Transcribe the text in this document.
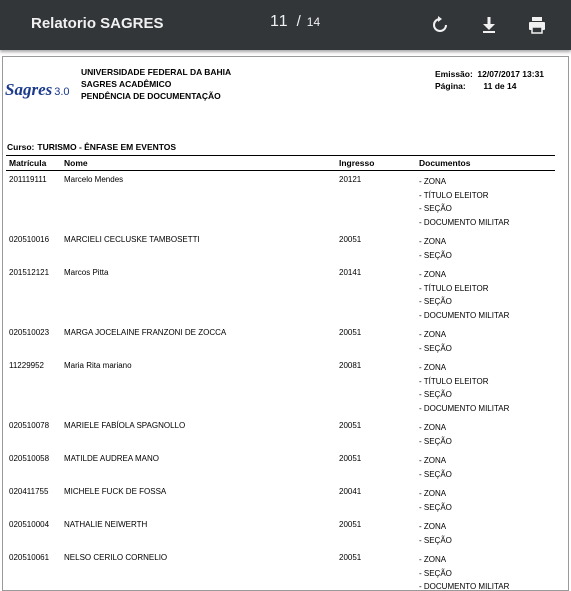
Relatorio SAGRES	11 / 14
Sagres 3.0
UNIVERSIDADE FEDERAL DA BAHIA
SAGRES ACADÊMICO
PENDÊNCIA DE DOCUMENTAÇÃO
Emissão: 12/07/2017 13:31
Página: 11 de 14
Curso: TURISMO - ÊNFASE EM EVENTOS
Matrícula Nome	Ingresso	Documentos
201119111 Marcelo Mendes	20121	- ZONA
- TÍTULO ELEITOR
- SEÇÃO
- DOCUMENTO MILITAR
020510016 MARCIELI CECLUSKE TAMBOSETTI	20051	- ZONA
- SEÇÃO
201512121 Marcos Pitta	20141	- ZONA
- TÍTULO ELEITOR
- SEÇÃO
- DOCUMENTO MILITAR
020510023 MARGA JOCELAINE FRANZONI DE ZOCCA	20051	- ZONA
- SEÇÃO
11229952	Maria Rita mariano	20081	- ZONA
- TÍTULO ELEITOR
- SEÇÃO
- DOCUMENTO MILITAR
020510078 MARIELE FABÍOLA SPAGNOLLO	20051	- ZONA
- SEÇÃO
020510058 MATILDE AUDREA MANO	20051	- ZONA
- SEÇÃO
020411755 MICHELE FUCK DE FOSSA	20041	- ZONA
- SEÇÃO
020510004 NATHALIE NEIWERTH	20051	- ZONA
- SEÇÃO
020510061 NELSO CERILO CORNELIO	20051	- ZONA
- SEÇÃO
- DOCUMENTO MILITAR
